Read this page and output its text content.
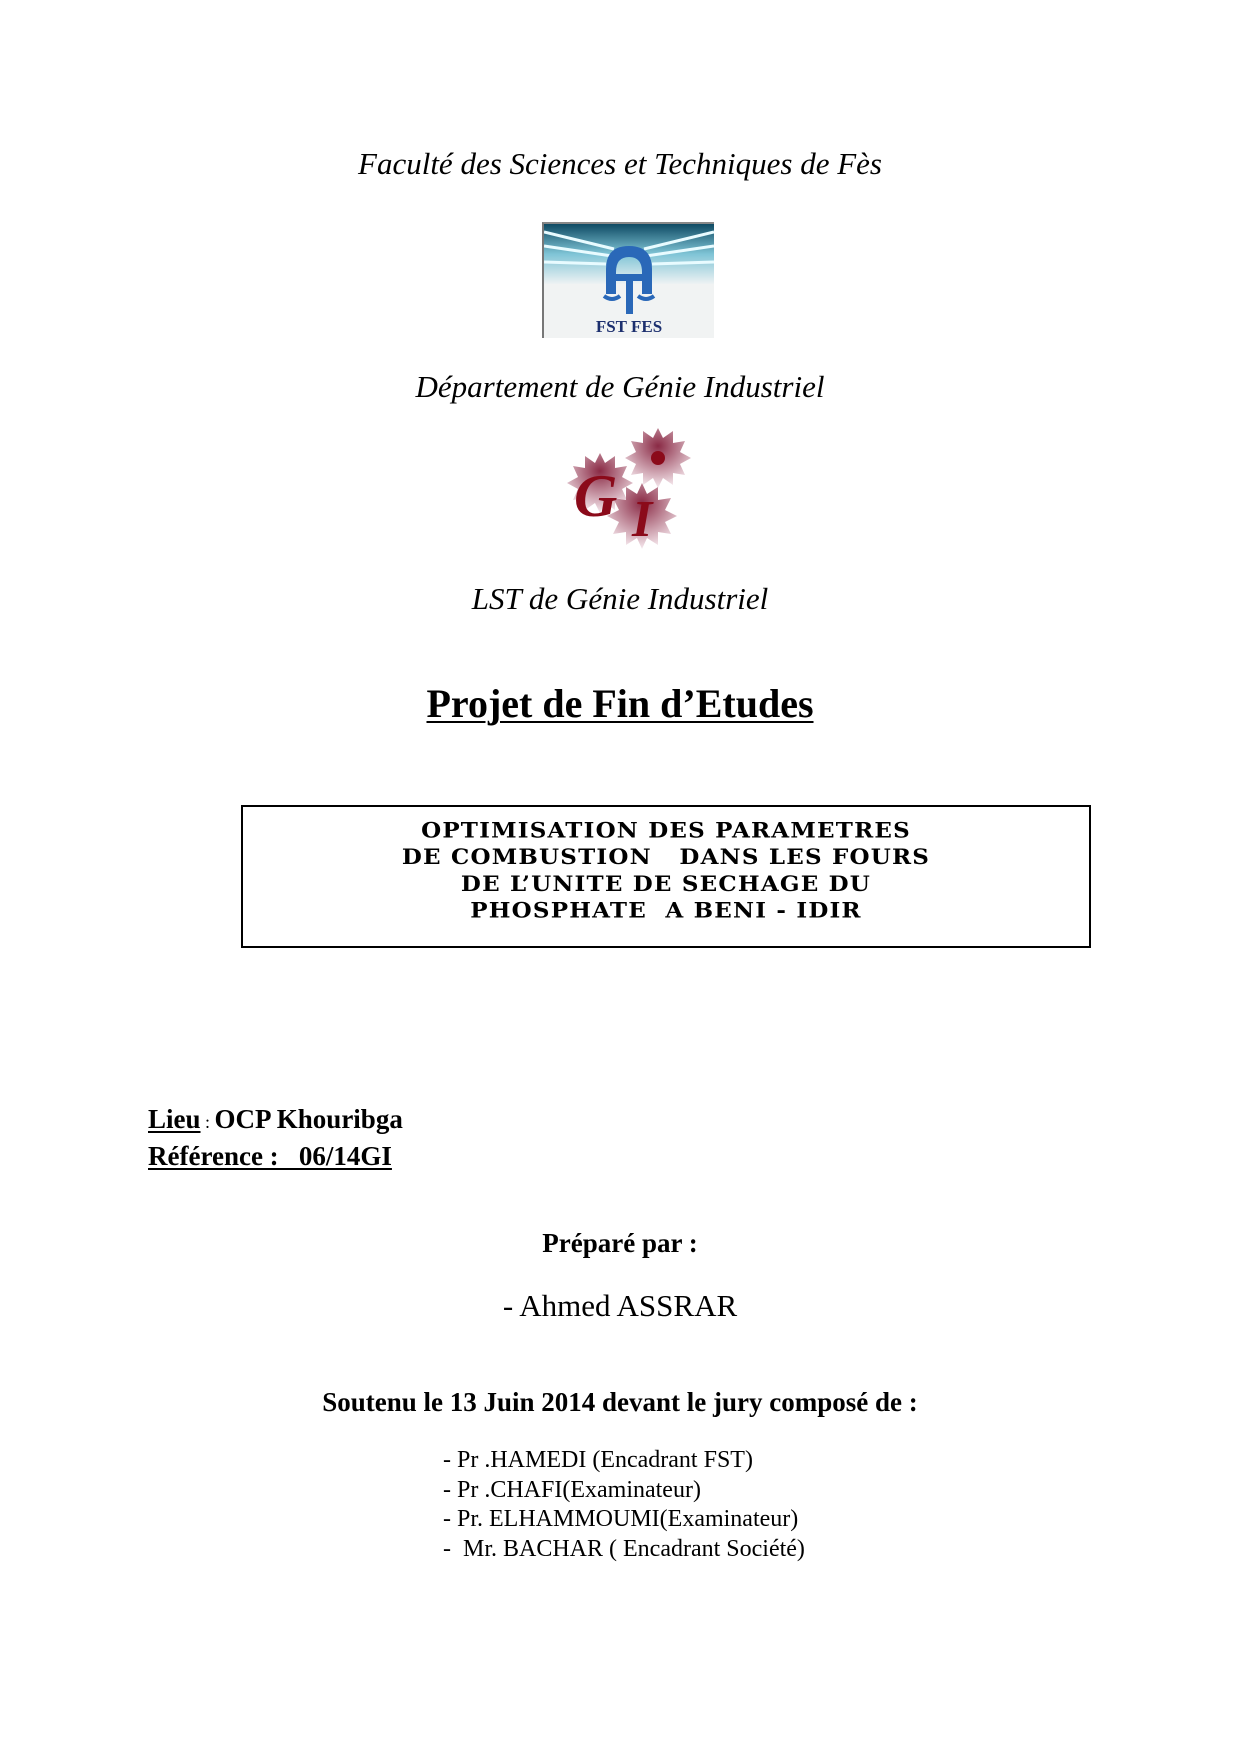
Faculté des Sciences et Techniques de Fès
FST FES
Département de Génie Industriel
G I
LST de Génie Industriel
Projet de Fin d’Etudes
OPTIMISATION DES PARAMETRES
DE COMBUSTION   DANS LES FOURS
DE L’UNITE DE SECHAGE DU
PHOSPHATE  A BENI - IDIR
Lieu : OCP Khouribga
Référence :   06/14GI
Préparé par :
- Ahmed ASSRAR
Soutenu le 13 Juin 2014 devant le jury composé de :
- Pr .HAMEDI (Encadrant FST)
- Pr .CHAFI(Examinateur)
- Pr. ELHAMMOUMI(Examinateur)
-  Mr. BACHAR ( Encadrant Société)
